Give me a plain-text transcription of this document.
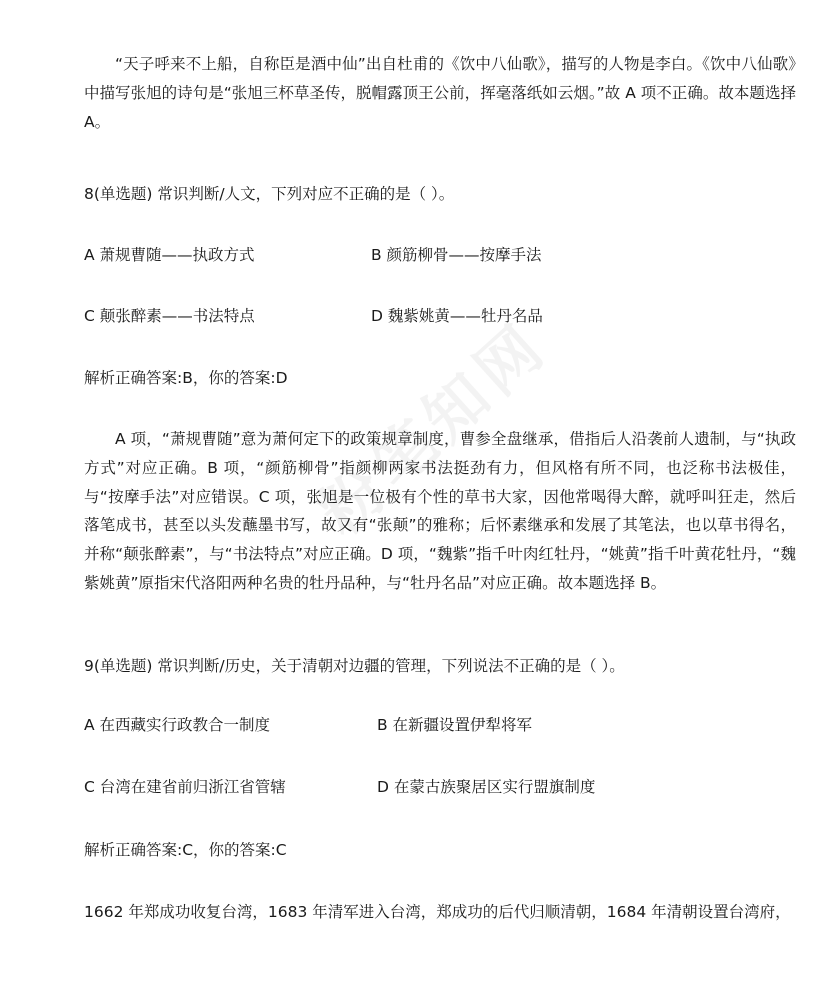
“天子呼来不上船，自称臣是酒中仙”出自杜甫的《饮中八仙歌》，描写的人物是李白。《饮中八仙歌》中描写张旭的诗句是“张旭三杯草圣传，脱帽露顶王公前，挥毫落纸如云烟。”故 A 项不正确。故本题选择 A。

8(单选题) 常识判断/人文，下列对应不正确的是（ ）。
A 萧规曹随——执政方式	B 颜筋柳骨——按摩手法
C 颠张醉素——书法特点	D 魏紫姚黄——牡丹名品
解析正确答案:B，你的答案:D

A 项，“萧规曹随”意为萧何定下的政策规章制度，曹参全盘继承，借指后人沿袭前人遗制，与“执政方式”对应正确。B 项，“颜筋柳骨”指颜柳两家书法挺劲有力，但风格有所不同，也泛称书法极佳，与“按摩手法”对应错误。C 项，张旭是一位极有个性的草书大家，因他常喝得大醉，就呼叫狂走，然后落笔成书，甚至以头发蘸墨书写，故又有“张颠”的雅称；后怀素继承和发展了其笔法，也以草书得名，并称“颠张醉素”，与“书法特点”对应正确。D 项，“魏紫”指千叶肉红牡丹，“姚黄”指千叶黄花牡丹，“魏紫姚黄”原指宋代洛阳两种名贵的牡丹品种，与“牡丹名品”对应正确。故本题选择 B。

9(单选题) 常识判断/历史，关于清朝对边疆的管理，下列说法不正确的是（ ）。
A 在西藏实行政教合一制度	B 在新疆设置伊犁将军
C 台湾在建省前归浙江省管辖	D 在蒙古族聚居区实行盟旗制度
解析正确答案:C，你的答案:C
1662 年郑成功收复台湾，1683 年清军进入台湾，郑成功的后代归顺清朝，1684 年清朝设置台湾府，
